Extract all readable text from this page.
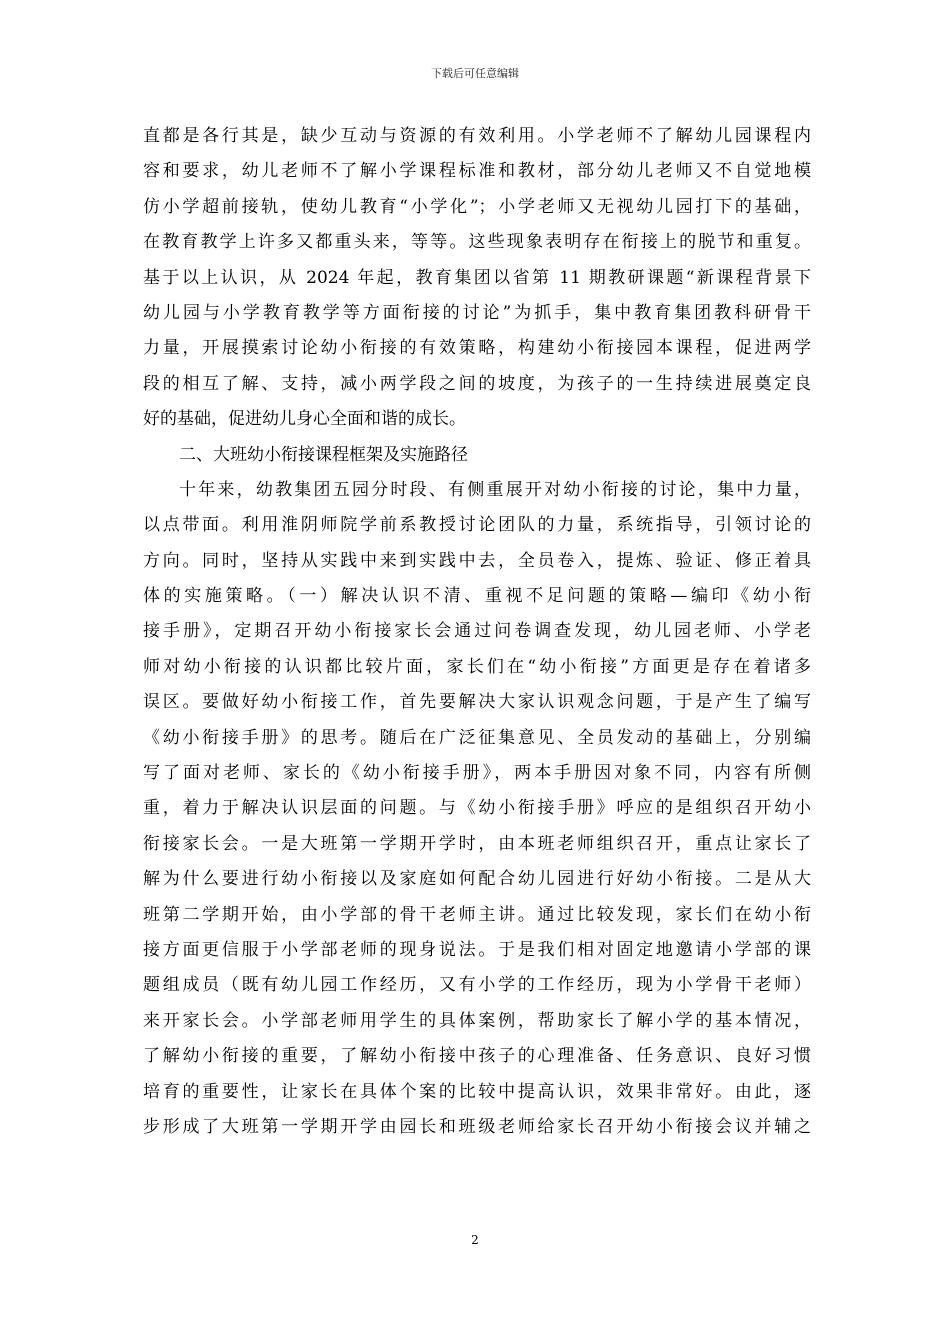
下载后可任意编辑
直都是各行其是，缺少互动与资源的有效利用。小学老师不了解幼儿园课程内
容和要求，幼儿老师不了解小学课程标准和教材，部分幼儿老师又不自觉地模
仿小学超前接轨，使幼儿教育“小学化”；小学老师又无视幼儿园打下的基础，
在教育教学上许多又都重头来，等等。这些现象表明存在衔接上的脱节和重复。
基于以上认识，从 2024 年起，教育集团以省第 11 期教研课题“新课程背景下
幼儿园与小学教育教学等方面衔接的讨论”为抓手，集中教育集团教科研骨干
力量，开展摸索讨论幼小衔接的有效策略，构建幼小衔接园本课程，促进两学
段的相互了解、支持，减小两学段之间的坡度，为孩子的一生持续进展奠定良
好的基础，促进幼儿身心全面和谐的成长。
二、大班幼小衔接课程框架及实施路径
十年来，幼教集团五园分时段、有侧重展开对幼小衔接的讨论，集中力量，
以点带面。利用淮阴师院学前系教授讨论团队的力量，系统指导，引领讨论的
方向。同时，坚持从实践中来到实践中去，全员卷入，提炼、验证、修正着具
体的实施策略。（一）解决认识不清、重视不足问题的策略—编印《幼小衔
接手册》，定期召开幼小衔接家长会通过问卷调查发现，幼儿园老师、小学老
师对幼小衔接的认识都比较片面，家长们在“幼小衔接”方面更是存在着诸多
误区。要做好幼小衔接工作，首先要解决大家认识观念问题，于是产生了编写
《幼小衔接手册》的思考。随后在广泛征集意见、全员发动的基础上，分别编
写了面对老师、家长的《幼小衔接手册》，两本手册因对象不同，内容有所侧
重，着力于解决认识层面的问题。与《幼小衔接手册》呼应的是组织召开幼小
衔接家长会。一是大班第一学期开学时，由本班老师组织召开，重点让家长了
解为什么要进行幼小衔接以及家庭如何配合幼儿园进行好幼小衔接。二是从大
班第二学期开始，由小学部的骨干老师主讲。通过比较发现，家长们在幼小衔
接方面更信服于小学部老师的现身说法。于是我们相对固定地邀请小学部的课
题组成员（既有幼儿园工作经历，又有小学的工作经历，现为小学骨干老师）
来开家长会。小学部老师用学生的具体案例，帮助家长了解小学的基本情况，
了解幼小衔接的重要，了解幼小衔接中孩子的心理准备、任务意识、良好习惯
培育的重要性，让家长在具体个案的比较中提高认识，效果非常好。由此，逐
步形成了大班第一学期开学由园长和班级老师给家长召开幼小衔接会议并辅之
2
